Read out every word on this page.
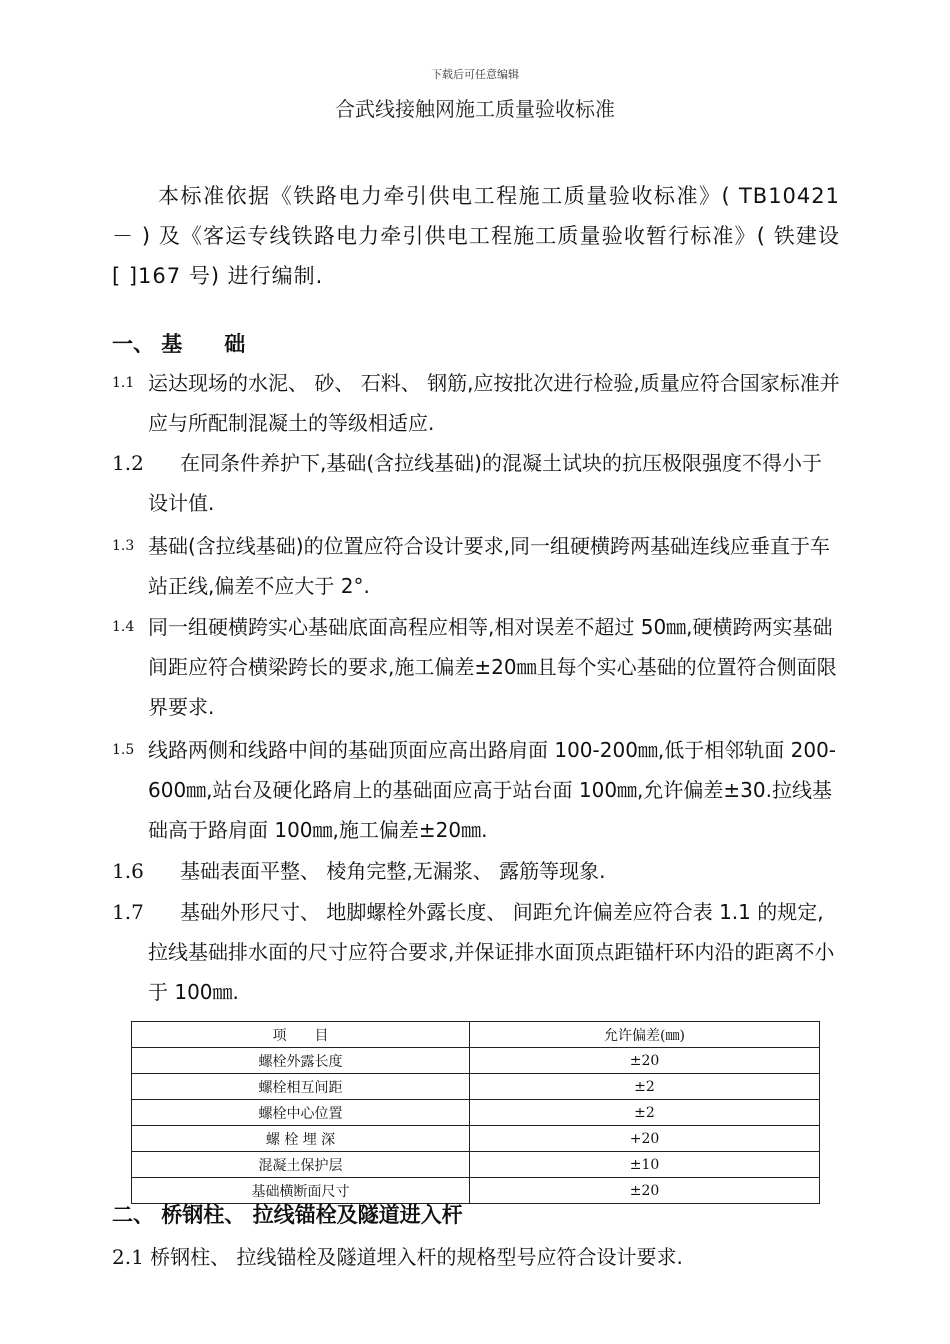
下载后可任意编辑
合武线接触网施工质量验收标准
本标准依据《铁路电力牵引供电工程施工质量验收标准》( TB10421－ ) 及《客运专线铁路电力牵引供电工程施工质量验收暂行标准》( 铁建设[ ]167 号) 进行编制.
一、 基　　础
1.1 运达现场的水泥、 砂、 石料、 钢筋,应按批次进行检验,质量应符合国家标准并应与所配制混凝土的等级相适应.
1.2	在同条件养护下,基础(含拉线基础)的混凝土试块的抗压极限强度不得小于设计值.
1.3 基础(含拉线基础)的位置应符合设计要求,同一组硬横跨两基础连线应垂直于车站正线,偏差不应大于 2°.
1.4 同一组硬横跨实心基础底面高程应相等,相对误差不超过 50㎜,硬横跨两实基础间距应符合横梁跨长的要求,施工偏差±20㎜且每个实心基础的位置符合侧面限界要求.
1.5 线路两侧和线路中间的基础顶面应高出路肩面 100-200㎜,低于相邻轨面 200-600㎜,站台及硬化路肩上的基础面应高于站台面 100㎜,允许偏差±30.拉线基础高于路肩面 100㎜,施工偏差±20㎜.
1.6	基础表面平整、 棱角完整,无漏浆、 露筋等现象.
1.7	基础外形尺寸、 地脚螺栓外露长度、 间距允许偏差应符合表 1.1 的规定,拉线基础排水面的尺寸应符合要求,并保证排水面顶点距锚杆环内沿的距离不小于 100㎜.
项　　目	允许偏差(㎜)
螺栓外露长度	±20
螺栓相互间距	±2
螺栓中心位置	±2
螺 栓 埋 深	+20
混凝土保护层	±10
基础横断面尺寸	±20
二、 桥钢柱、 拉线锚栓及隧道进入杆
2.1 桥钢柱、 拉线锚栓及隧道埋入杆的规格型号应符合设计要求.
